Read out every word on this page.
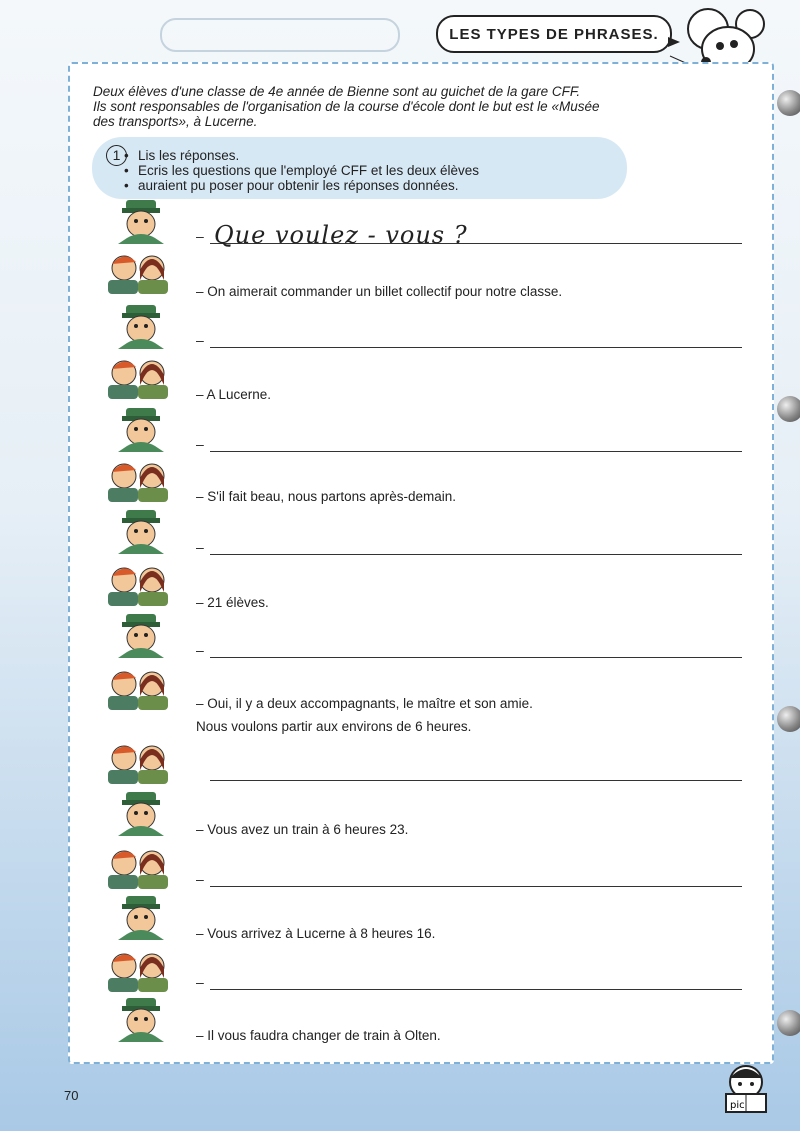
LES TYPES DE PHRASES.
Deux élèves d'une classe de 4e année de Bienne sont au guichet de la gare CFF.
Ils sont responsables de l'organisation de la course d'école dont le but est le «Musée
des transports», à Lucerne.
1
•	Lis les réponses.
• Ecris les questions que l'employé CFF et les deux élèves
• auraient pu poser pour obtenir les réponses données.
– Que voulez - vous ?
– On aimerait commander un billet collectif pour notre classe.
–
– A Lucerne.
–
– S'il fait beau, nous partons après-demain.
–
– 21 élèves.
–
– Oui, il y a deux accompagnants, le maître et son amie.
Nous voulons partir aux environs de 6 heures.
– Vous avez un train à 6 heures 23.
–
– Vous arrivez à Lucerne à 8 heures 16.
–
– Il vous faudra changer de train à Olten.
70
pic
